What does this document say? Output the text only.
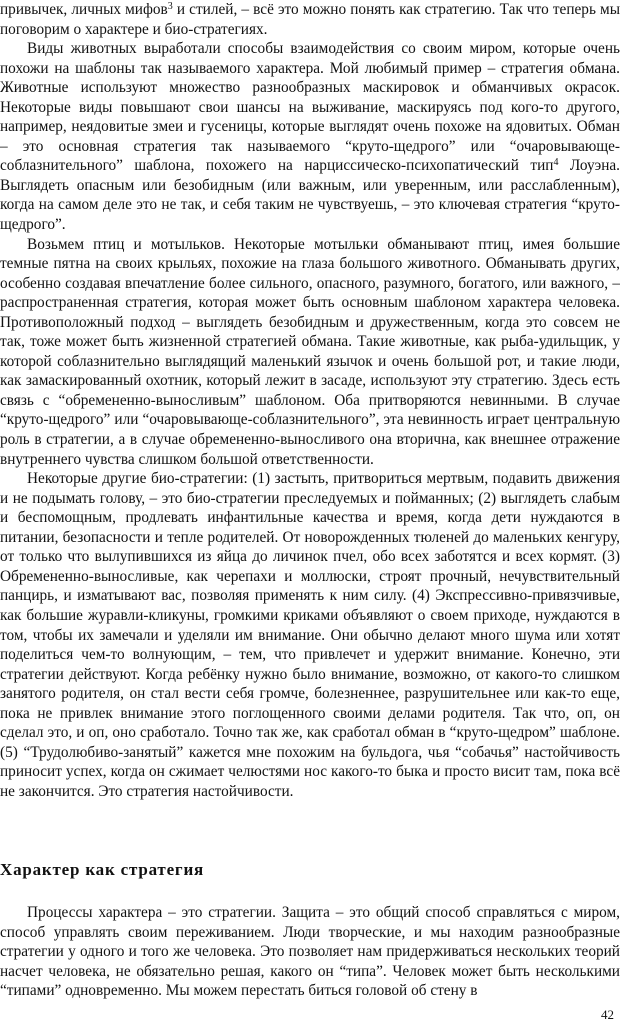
привычек, личных мифов$^3$ и стилей, – всё это можно понять как стратегию. Так что теперь мы поговорим о характере и био-стратегиях.

Виды животных выработали способы взаимодействия со своим миром, которые очень похожи на шаблоны так называемого характера. Мой любимый пример – стратегия обмана. Животные используют множество разнообразных маскировок и обманчивых окрасок. Некоторые виды повышают свои шансы на выживание, маскируясь под кого-то другого, например, неядовитые змеи и гусеницы, которые выглядят очень похоже на ядовитых. Обман – это основная стратегия так называемого “круто-щедрого” или “очаровывающе-соблазнительного” шаблона, похожего на нарциссическо-психопатический тип$^4$ Лоуэна. Выглядеть опасным или безобидным (или важным, или уверенным, или расслабленным), когда на самом деле это не так, и себя таким не чувствуешь, – это ключевая стратегия “круто-щедрого”.

Возьмем птиц и мотыльков. Некоторые мотыльки обманывают птиц, имея большие темные пятна на своих крыльях, похожие на глаза большого животного. Обманывать других, особенно создавая впечатление более сильного, опасного, разумного, богатого, или важного, – распространенная стратегия, которая может быть основным шаблоном характера человека. Противоположный подход – выглядеть безобидным и дружественным, когда это совсем не так, тоже может быть жизненной стратегией обмана. Такие животные, как рыба-удильщик, у которой соблазнительно выглядящий маленький язычок и очень большой рот, и такие люди, как замаскированный охотник, который лежит в засаде, используют эту стратегию. Здесь есть связь с “обремененно-выносливым” шаблоном. Оба притворяются невинными. В случае “круто-щедрого” или “очаровывающе-соблазнительного”, эта невинность играет центральную роль в стратегии, а в случае обремененно-выносливого она вторична, как внешнее отражение внутреннего чувства слишком большой ответственности.

Некоторые другие био-стратегии: (1) застыть, притвориться мертвым, подавить движения и не подымать голову, – это био-стратегии преследуемых и пойманных; (2) выглядеть слабым и беспомощным, продлевать инфантильные качества и время, когда дети нуждаются в питании, безопасности и тепле родителей. От новорожденных тюленей до маленьких кенгуру, от только что вылупившихся из яйца до личинок пчел, обо всех заботятся и всех кормят. (3) Обремененно-выносливые, как черепахи и моллюски, строят прочный, нечувствительный панцирь, и изматывают вас, позволяя применять к ним силу. (4) Экспрессивно-привязчивые, как большие журавли-кликуны, громкими криками объявляют о своем приходе, нуждаются в том, чтобы их замечали и уделяли им внимание. Они обычно делают много шума или хотят поделиться чем-то волнующим, – тем, что привлечет и удержит внимание. Конечно, эти стратегии действуют. Когда ребёнку нужно было внимание, возможно, от какого-то слишком занятого родителя, он стал вести себя громче, болезненнее, разрушительнее или как-то еще, пока не привлек внимание этого поглощенного своими делами родителя. Так что, оп, он сделал это, и оп, оно сработало. Точно так же, как сработал обман в “круто-щедром” шаблоне. (5) “Трудолюбиво-занятый” кажется мне похожим на бульдога, чья “собачья” настойчивость приносит успех, когда он сжимает челюстями нос какого-то быка и просто висит там, пока всё не закончится. Это стратегия настойчивости.

Характер как стратегия

Процессы характера – это стратегии. Защита – это общий способ справляться с миром, способ управлять своим переживанием. Люди творческие, и мы находим разнообразные стратегии у одного и того же человека. Это позволяет нам придерживаться нескольких теорий насчет человека, не обязательно решая, какого он “типа”. Человек может быть несколькими “типами” одновременно. Мы можем перестать биться головой об стену в

42
